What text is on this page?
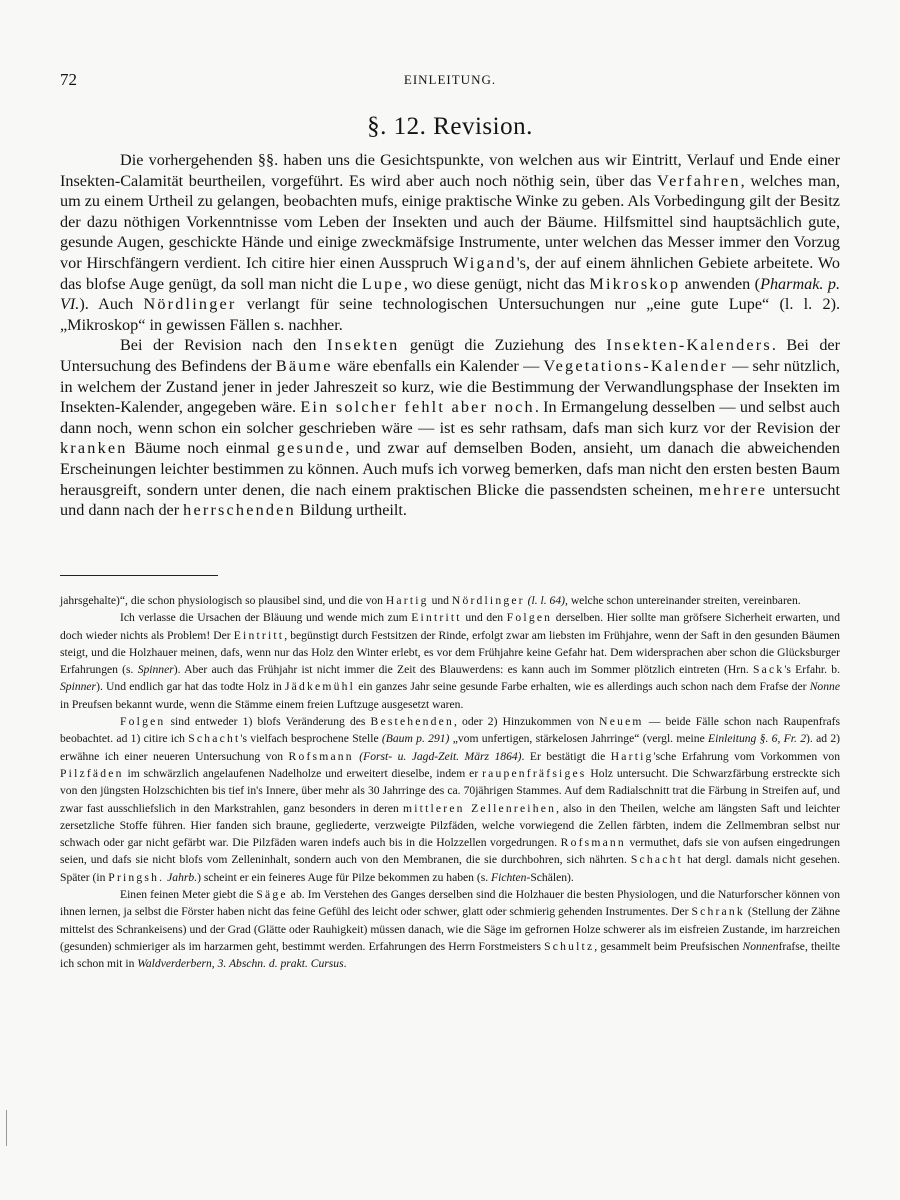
72	EINLEITUNG.
§. 12. Revision.

Die vorhergehenden §§. haben uns die Gesichtspunkte, von welchen aus wir Eintritt, Verlauf und Ende einer Insekten-Calamität beurtheilen, vorgeführt. Es wird aber auch noch nöthig sein, über das Verfahren, welches man, um zu einem Urtheil zu gelangen, beobachten mufs, einige praktische Winke zu geben. Als Vorbedingung gilt der Besitz der dazu nöthigen Vorkenntnisse vom Leben der Insekten und auch der Bäume. Hilfsmittel sind hauptsächlich gute, gesunde Augen, geschickte Hände und einige zweckmäfsige Instrumente, unter welchen das Messer immer den Vorzug vor Hirschfängern verdient. Ich citire hier einen Ausspruch Wigand's, der auf einem ähnlichen Gebiete arbeitete. Wo das blofse Auge genügt, da soll man nicht die Lupe, wo diese genügt, nicht das Mikroskop anwenden (Pharmak. p. VI.). Auch Nördlinger verlangt für seine technologischen Untersuchungen nur „eine gute Lupe“ (l. l. 2). „Mikroskop“ in gewissen Fällen s. nachher.

Bei der Revision nach den Insekten genügt die Zuziehung des Insekten-Kalenders. Bei der Untersuchung des Befindens der Bäume wäre ebenfalls ein Kalender — Vegetations-Kalender — sehr nützlich, in welchem der Zustand jener in jeder Jahreszeit so kurz, wie die Bestimmung der Verwandlungsphase der Insekten im Insekten-Kalender, angegeben wäre. Ein solcher fehlt aber noch. In Ermangelung desselben — und selbst auch dann noch, wenn schon ein solcher geschrieben wäre — ist es sehr rathsam, dafs man sich kurz vor der Revision der kranken Bäume noch einmal gesunde, und zwar auf demselben Boden, ansieht, um danach die abweichenden Erscheinungen leichter bestimmen zu können. Auch mufs ich vorweg bemerken, dafs man nicht den ersten besten Baum herausgreift, sondern unter denen, die nach einem praktischen Blicke die passendsten scheinen, mehrere untersucht und dann nach der herrschenden Bildung urtheilt.

jahrsgehalte)“, die schon physiologisch so plausibel sind, und die von Hartig und Nördlinger (l. l. 64), welche schon untereinander streiten, vereinbaren.

Ich verlasse die Ursachen der Bläuung und wende mich zum Eintritt und den Folgen derselben. Hier sollte man gröfsere Sicherheit erwarten, und doch wieder nichts als Problem! Der Eintritt, begünstigt durch Festsitzen der Rinde, erfolgt zwar am liebsten im Frühjahre, wenn der Saft in den gesunden Bäumen steigt, und die Holzhauer meinen, dafs, wenn nur das Holz den Winter erlebt, es vor dem Frühjahre keine Gefahr hat. Dem widersprachen aber schon die Glücksburger Erfahrungen (s. Spinner). Aber auch das Frühjahr ist nicht immer die Zeit des Blauwerdens: es kann auch im Sommer plötzlich eintreten (Hrn. Sack's Erfahr. b. Spinner). Und endlich gar hat das todte Holz in Jädkemühl ein ganzes Jahr seine gesunde Farbe erhalten, wie es allerdings auch schon nach dem Frafse der Nonne in Preufsen bekannt wurde, wenn die Stämme einem freien Luftzuge ausgesetzt waren.

Folgen sind entweder 1) blofs Veränderung des Bestehenden, oder 2) Hinzukommen von Neuem — beide Fälle schon nach Raupenfrafs beobachtet. ad 1) citire ich Schacht's vielfach besprochene Stelle (Baum p. 291) „vom unfertigen, stärkelosen Jahrringe“ (vergl. meine Einleitung §. 6, Fr. 2). ad 2) erwähne ich einer neueren Untersuchung von Rofsmann (Forst- u. Jagd-Zeit. März 1864). Er bestätigt die Hartig'sche Erfahrung vom Vorkommen von Pilzfäden im schwärzlich angelaufenen Nadelholze und erweitert dieselbe, indem er raupenfräfsiges Holz untersucht. Die Schwarzfärbung erstreckte sich von den jüngsten Holzschichten bis tief in's Innere, über mehr als 30 Jahrringe des ca. 70jährigen Stammes. Auf dem Radialschnitt trat die Färbung in Streifen auf, und zwar fast ausschliefslich in den Markstrahlen, ganz besonders in deren mittleren Zellenreihen, also in den Theilen, welche am längsten Saft und leichter zersetzliche Stoffe führen. Hier fanden sich braune, gegliederte, verzweigte Pilzfäden, welche vorwiegend die Zellen färbten, indem die Zellmembran selbst nur schwach oder gar nicht gefärbt war. Die Pilzfäden waren indefs auch bis in die Holzzellen vorgedrungen. Rofsmann vermuthet, dafs sie von aufsen eingedrungen seien, und dafs sie nicht blofs vom Zelleninhalt, sondern auch von den Membranen, die sie durchbohren, sich nährten. Schacht hat dergl. damals nicht gesehen. Später (in Pringsh. Jahrb.) scheint er ein feineres Auge für Pilze bekommen zu haben (s. Fichten-Schälen).

Einen feinen Meter giebt die Säge ab. Im Verstehen des Ganges derselben sind die Holzhauer die besten Physiologen, und die Naturforscher können von ihnen lernen, ja selbst die Förster haben nicht das feine Gefühl des leicht oder schwer, glatt oder schmierig gehenden Instrumentes. Der Schrank (Stellung der Zähne mittelst des Schrankeisens) und der Grad (Glätte oder Rauhigkeit) müssen danach, wie die Säge im gefrornen Holze schwerer als im eisfreien Zustande, im harzreichen (gesunden) schmieriger als im harzarmen geht, bestimmt werden. Erfahrungen des Herrn Forstmeisters Schultz, gesammelt beim Preufsischen Nonnenfrafse, theilte ich schon mit in Waldverderbern, 3. Abschn. d. prakt. Cursus.
